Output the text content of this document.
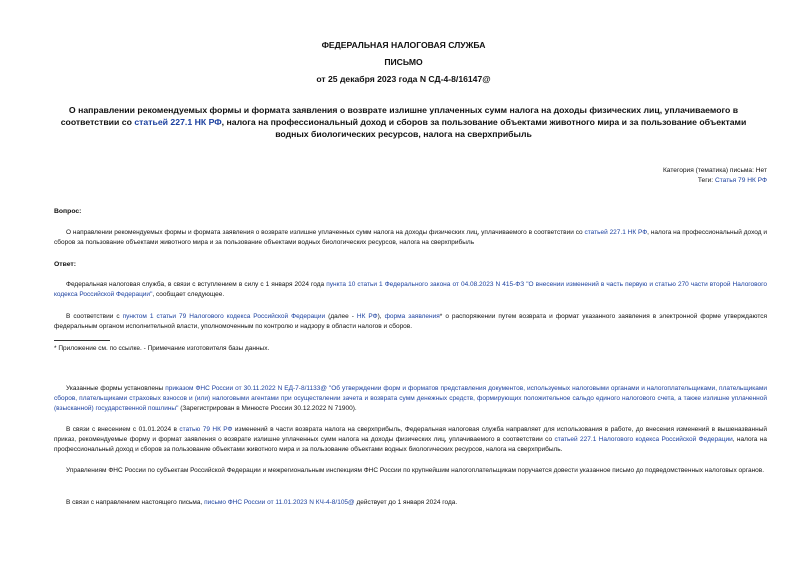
ФЕДЕРАЛЬНАЯ НАЛОГОВАЯ СЛУЖБА
ПИСЬМО
от 25 декабря 2023 года N СД-4-8/16147@
О направлении рекомендуемых формы и формата заявления о возврате излишне уплаченных сумм налога на доходы физических лиц, уплачиваемого в соответствии со статьей 227.1 НК РФ, налога на профессиональный доход и сборов за пользование объектами животного мира и за пользование объектами водных биологических ресурсов, налога на сверхприбыль
Категория (тематика) письма: Нет
Теги: Статья 79 НК РФ
Вопрос:
О направлении рекомендуемых формы и формата заявления о возврате излишне уплаченных сумм налога на доходы физических лиц, уплачиваемого в соответствии со статьей 227.1 НК РФ, налога на профессиональный доход и сборов за пользование объектами животного мира и за пользование объектами водных биологических ресурсов, налога на сверхприбыль
Ответ:
Федеральная налоговая служба, в связи с вступлением в силу с 1 января 2024 года пункта 10 статьи 1 Федерального закона от 04.08.2023 N 415-ФЗ "О внесении изменений в часть первую и статью 270 части второй Налогового кодекса Российской Федерации", сообщает следующее.
В соответствии с пунктом 1 статьи 79 Налогового кодекса Российской Федерации (далее - НК РФ), форма заявления* о распоряжении путем возврата и формат указанного заявления в электронной форме утверждаются федеральным органом исполнительной власти, уполномоченным по контролю и надзору в области налогов и сборов.
* Приложение см. по ссылке. - Примечание изготовителя базы данных.
Указанные формы установлены приказом ФНС России от 30.11.2022 N ЕД-7-8/1133@ "Об утверждении форм и форматов представления документов, используемых налоговыми органами и налогоплательщиками, плательщиками сборов, плательщиками страховых взносов и (или) налоговыми агентами при осуществлении зачета и возврата сумм денежных средств, формирующих положительное сальдо единого налогового счета, а также излишне уплаченной (взысканной) государственной пошлины" (Зарегистрирован в Минюсте России 30.12.2022 N 71900).
В связи с внесением с 01.01.2024 в статью 79 НК РФ изменений в части возврата налога на сверхприбыль, Федеральная налоговая служба направляет для использования в работе, до внесения изменений в вышеназванный приказ, рекомендуемые форму и формат заявления о возврате излишне уплаченных сумм налога на доходы физических лиц, уплачиваемого в соответствии со статьей 227.1 Налогового кодекса Российской Федерации, налога на профессиональный доход и сборов за пользование объектами животного мира и за пользование объектами водных биологических ресурсов, налога на сверхприбыль.
Управлениям ФНС России по субъектам Российской Федерации и межрегиональным инспекциям ФНС России по крупнейшим налогоплательщикам поручается довести указанное письмо до подведомственных налоговых органов.
В связи с направлением настоящего письма, письмо ФНС России от 11.01.2023 N КЧ-4-8/105@ действует до 1 января 2024 года.
